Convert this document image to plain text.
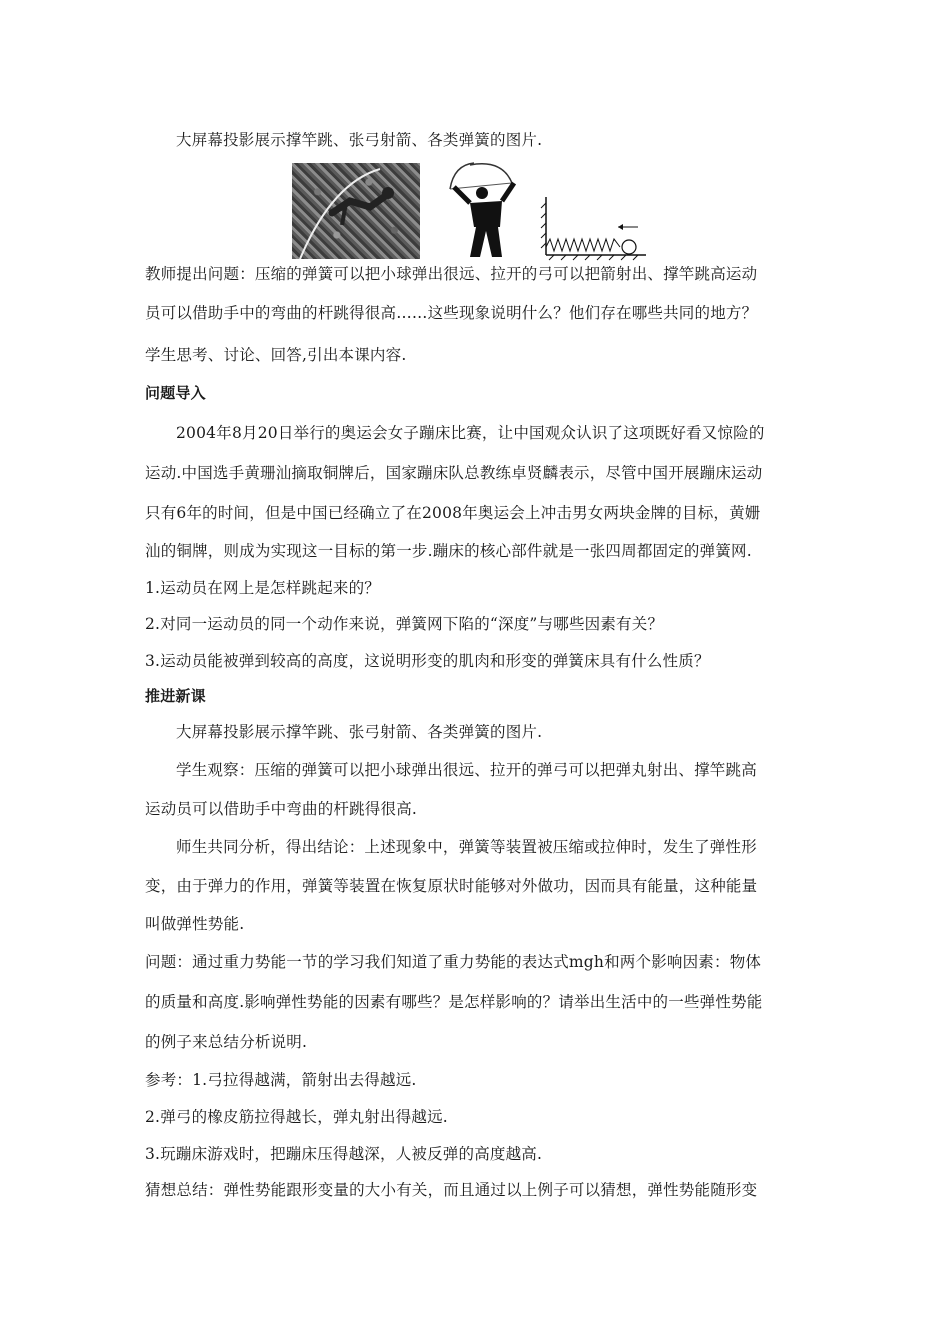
大屏幕投影展示撑竿跳、张弓射箭、各类弹簧的图片.
教师提出问题：压缩的弹簧可以把小球弹出很远、拉开的弓可以把箭射出、撑竿跳高运动
员可以借助手中的弯曲的杆跳得很高……这些现象说明什么？他们存在哪些共同的地方？
学生思考、讨论、回答,引出本课内容.
问题导入
2004年8月20日举行的奥运会女子蹦床比赛，让中国观众认识了这项既好看又惊险的
运动.中国选手黄珊汕摘取铜牌后，国家蹦床队总教练卓贤麟表示，尽管中国开展蹦床运动
只有6年的时间，但是中国已经确立了在2008年奥运会上冲击男女两块金牌的目标，黄姗
汕的铜牌，则成为实现这一目标的第一步.蹦床的核心部件就是一张四周都固定的弹簧网.
1.运动员在网上是怎样跳起来的？
2.对同一运动员的同一个动作来说，弹簧网下陷的“深度”与哪些因素有关？
3.运动员能被弹到较高的高度，这说明形变的肌肉和形变的弹簧床具有什么性质？
推进新课
大屏幕投影展示撑竿跳、张弓射箭、各类弹簧的图片.
学生观察：压缩的弹簧可以把小球弹出很远、拉开的弹弓可以把弹丸射出、撑竿跳高
运动员可以借助手中弯曲的杆跳得很高.
师生共同分析，得出结论：上述现象中，弹簧等装置被压缩或拉伸时，发生了弹性形
变，由于弹力的作用，弹簧等装置在恢复原状时能够对外做功，因而具有能量，这种能量
叫做弹性势能.
问题：通过重力势能一节的学习我们知道了重力势能的表达式mgh和两个影响因素：物体
的质量和高度.影响弹性势能的因素有哪些？是怎样影响的？请举出生活中的一些弹性势能
的例子来总结分析说明.
参考：1.弓拉得越满，箭射出去得越远.
2.弹弓的橡皮筋拉得越长，弹丸射出得越远.
3.玩蹦床游戏时，把蹦床压得越深，人被反弹的高度越高.
猜想总结：弹性势能跟形变量的大小有关，而且通过以上例子可以猜想，弹性势能随形变
